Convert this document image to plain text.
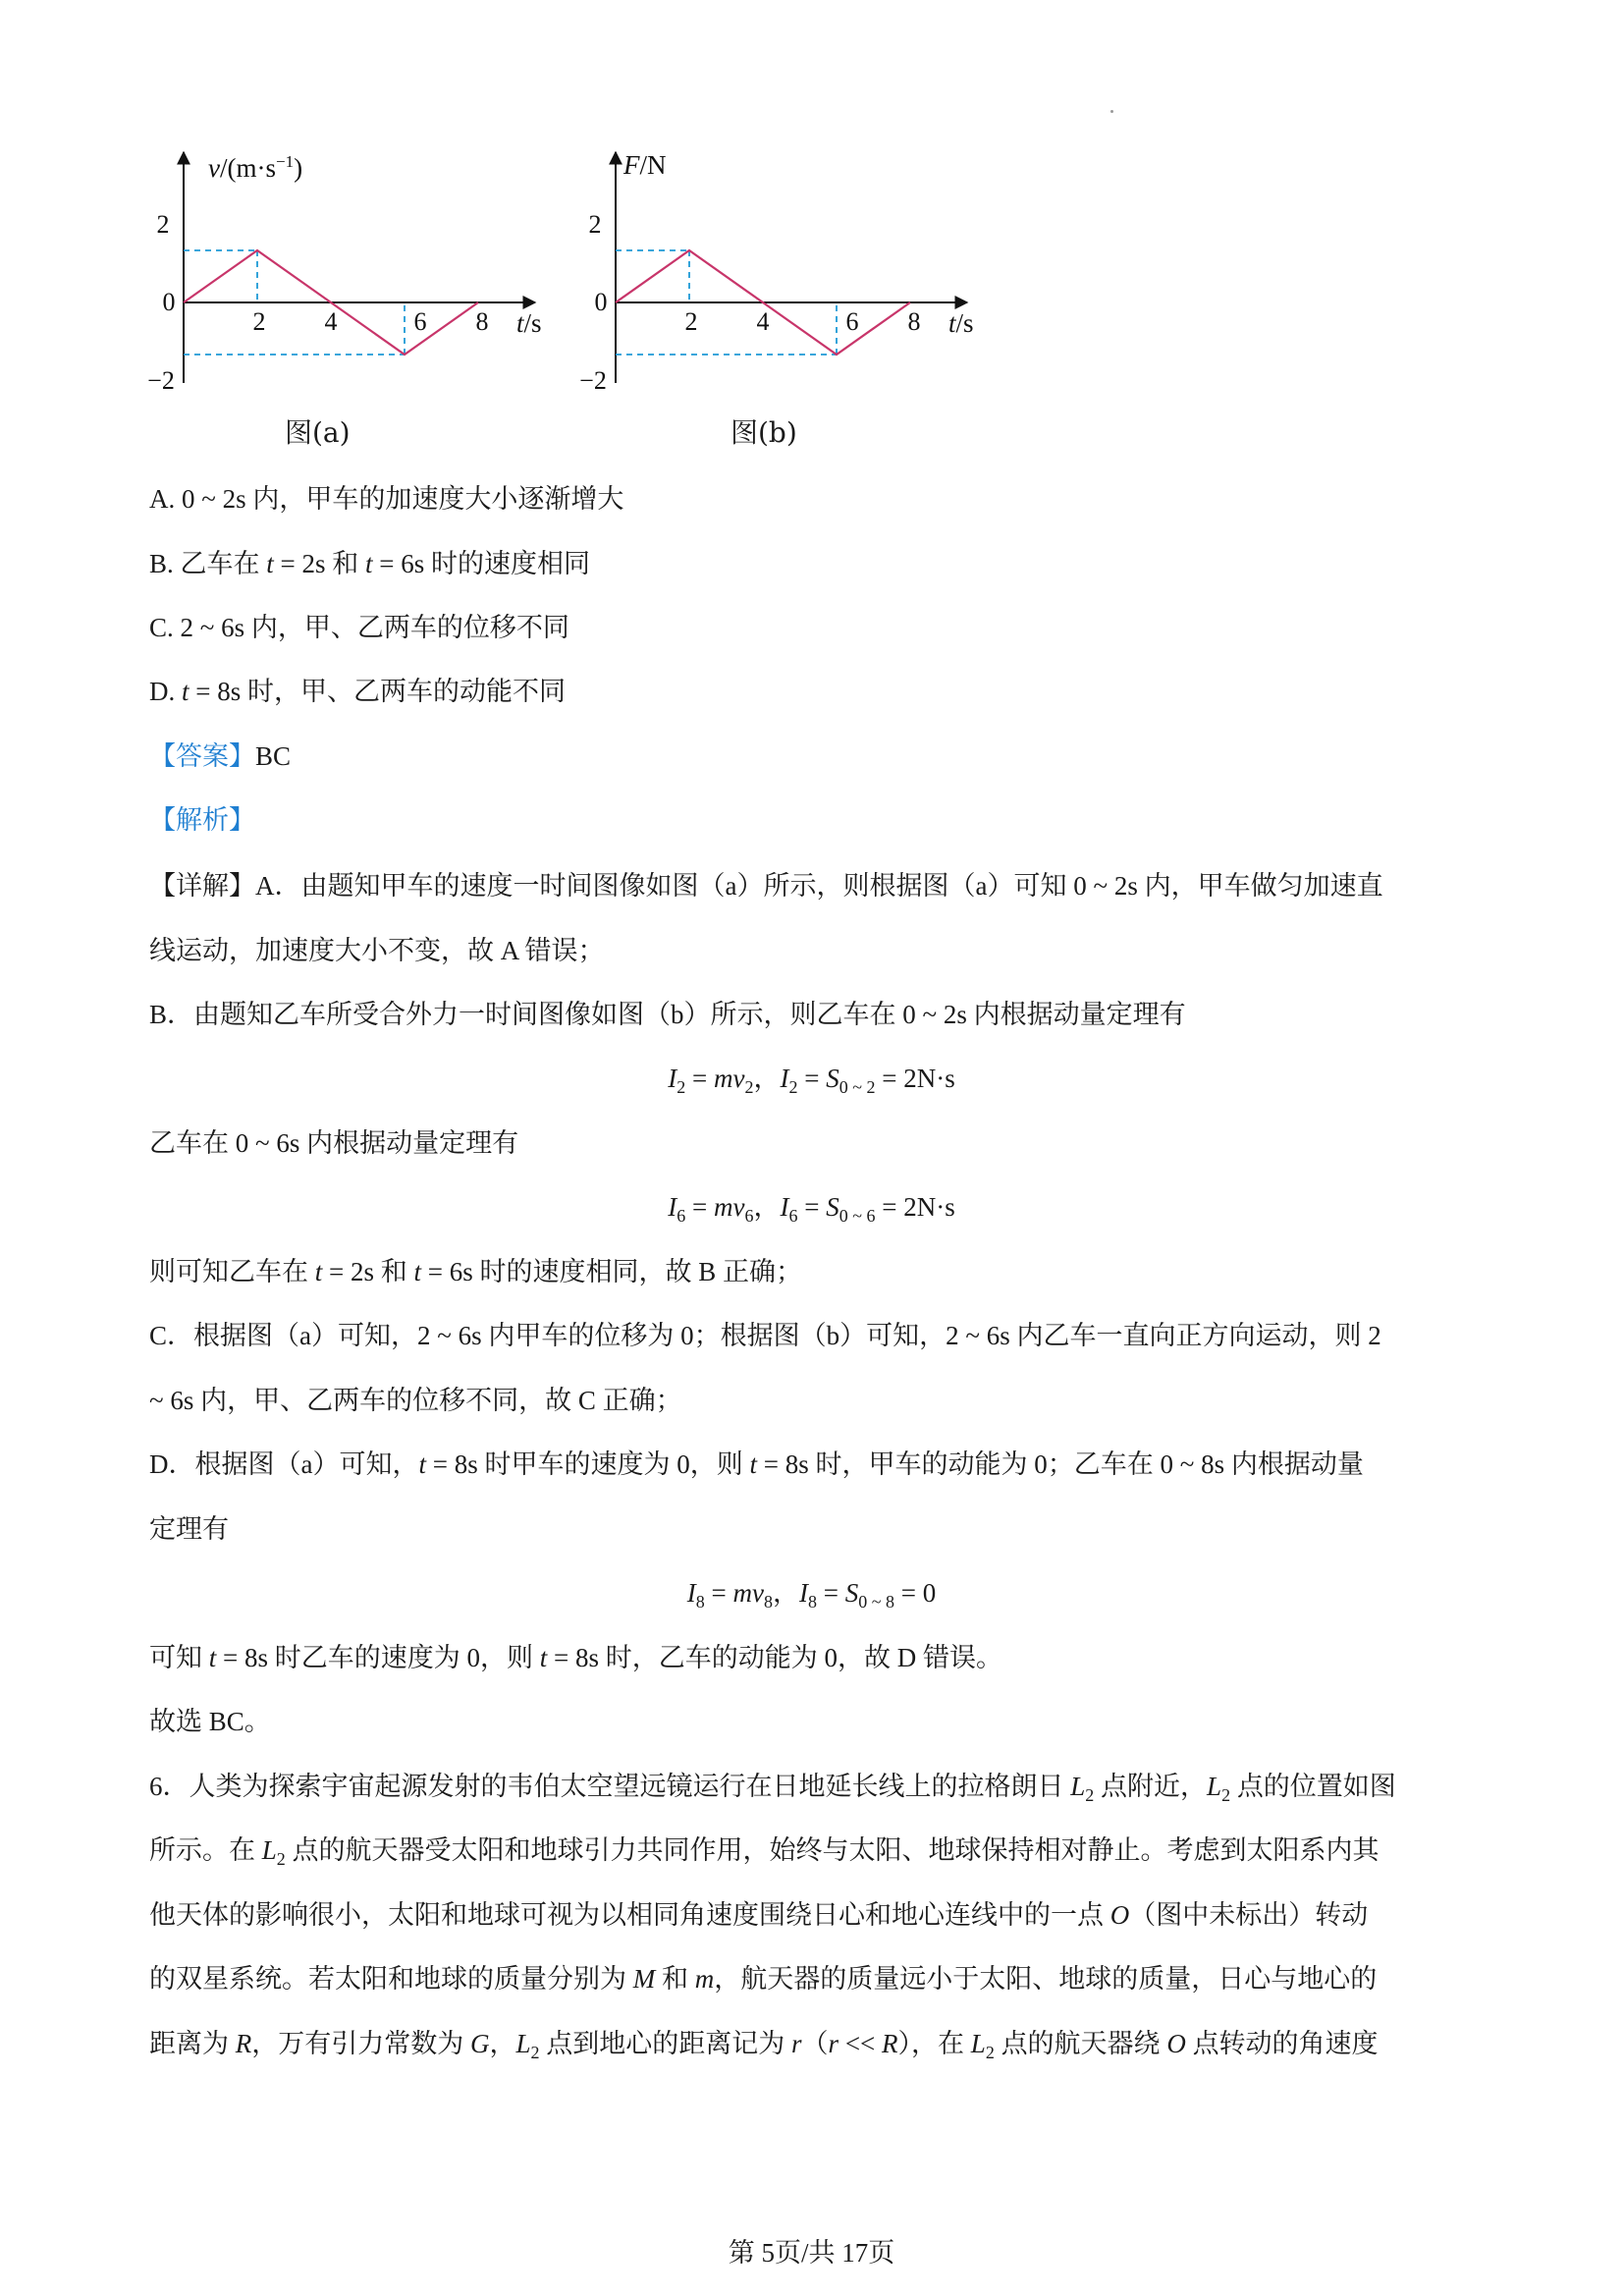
$v/(m\cdot s^{-1})$
2
0
−2
2 4	6 8 t/s
图(a)
F/N
2
0
−2
2 4	6 8 t/s
图(b)
A. 0 ~ 2s 内，甲车的加速度大小逐渐增大
B. 乙车在 t = 2s 和 t = 6s 时的速度相同
C. 2 ~ 6s 内，甲、乙两车的位移不同
D. t = 8s 时，甲、乙两车的动能不同
【答案】BC
【解析】
【详解】A．由题知甲车的速度一时间图像如图（a）所示，则根据图（a）可知 0 ~ 2s 内，甲车做匀加速直
线运动，加速度大小不变，故 A 错误；
B．由题知乙车所受合外力一时间图像如图（b）所示，则乙车在 0 ~ 2s 内根据动量定理有
$I_2 = mv_2$，$I_2 = S_{0 \sim 2} = 2N\cdot s$
乙车在 0 ~ 6s 内根据动量定理有
$I_6 = mv_6$，$I_6 = S_{0 \sim 6} = 2N\cdot s$
则可知乙车在 t = 2s 和 t = 6s 时的速度相同，故 B 正确；
C．根据图（a）可知，2 ~ 6s 内甲车的位移为 0；根据图（b）可知，2 ~ 6s 内乙车一直向正方向运动，则 2
~ 6s 内，甲、乙两车的位移不同，故 C 正确；
D．根据图（a）可知，t = 8s 时甲车的速度为 0，则 t = 8s 时，甲车的动能为 0；乙车在 0 ~ 8s 内根据动量
定理有
$I_8 = mv_8$，$I_8 = S_{0 \sim 8} = 0$
可知 t = 8s 时乙车的速度为 0，则 t = 8s 时，乙车的动能为 0，故 D 错误。
故选 BC。
6．人类为探索宇宙起源发射的韦伯太空望远镜运行在日地延长线上的拉格朗日 $L_2$ 点附近，$L_2$ 点的位置如图
所示。在 $L_2$ 点的航天器受太阳和地球引力共同作用，始终与太阳、地球保持相对静止。考虑到太阳系内其
他天体的影响很小，太阳和地球可视为以相同角速度围绕日心和地心连线中的一点 O（图中未标出）转动
的双星系统。若太阳和地球的质量分别为 M 和 m，航天器的质量远小于太阳、地球的质量，日心与地心的
距离为 R，万有引力常数为 G，$L_2$ 点到地心的距离记为 r（r << R），在 $L_2$ 点的航天器绕 O 点转动的角速度
第 5页/共 17页
